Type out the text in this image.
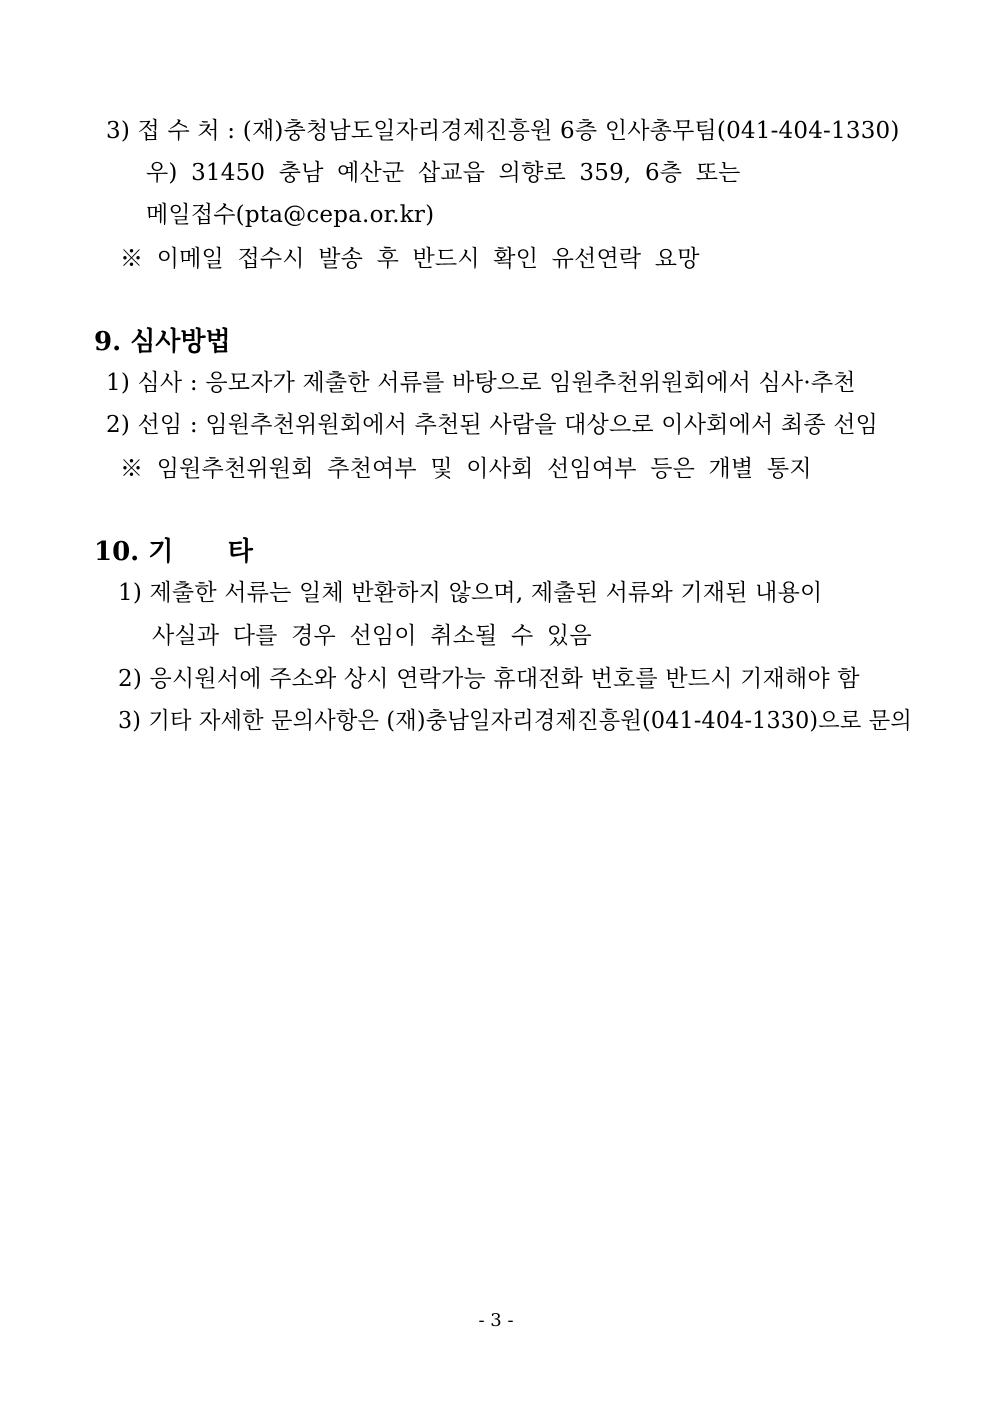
3) 접 수 처 : (재)충청남도일자리경제진흥원 6층 인사총무팀(041-404-1330)
우) 31450 충남 예산군 삽교읍 의향로 359, 6층 또는
메일접수(pta@cepa.or.kr)
※ 이메일 접수시 발송 후 반드시 확인 유선연락 요망
9. 심사방법
1) 심사 : 응모자가 제출한 서류를 바탕으로 임원추천위원회에서 심사·추천
2) 선임 : 임원추천위원회에서 추천된 사람을 대상으로 이사회에서 최종 선임
※ 임원추천위원회 추천여부 및 이사회 선임여부 등은 개별 통지
10. 기      타
1) 제출한 서류는 일체 반환하지 않으며, 제출된 서류와 기재된 내용이
사실과 다를 경우 선임이 취소될 수 있음
2) 응시원서에 주소와 상시 연락가능 휴대전화 번호를 반드시 기재해야 함
3) 기타 자세한 문의사항은 (재)충남일자리경제진흥원(041-404-1330)으로 문의
- 3 -
